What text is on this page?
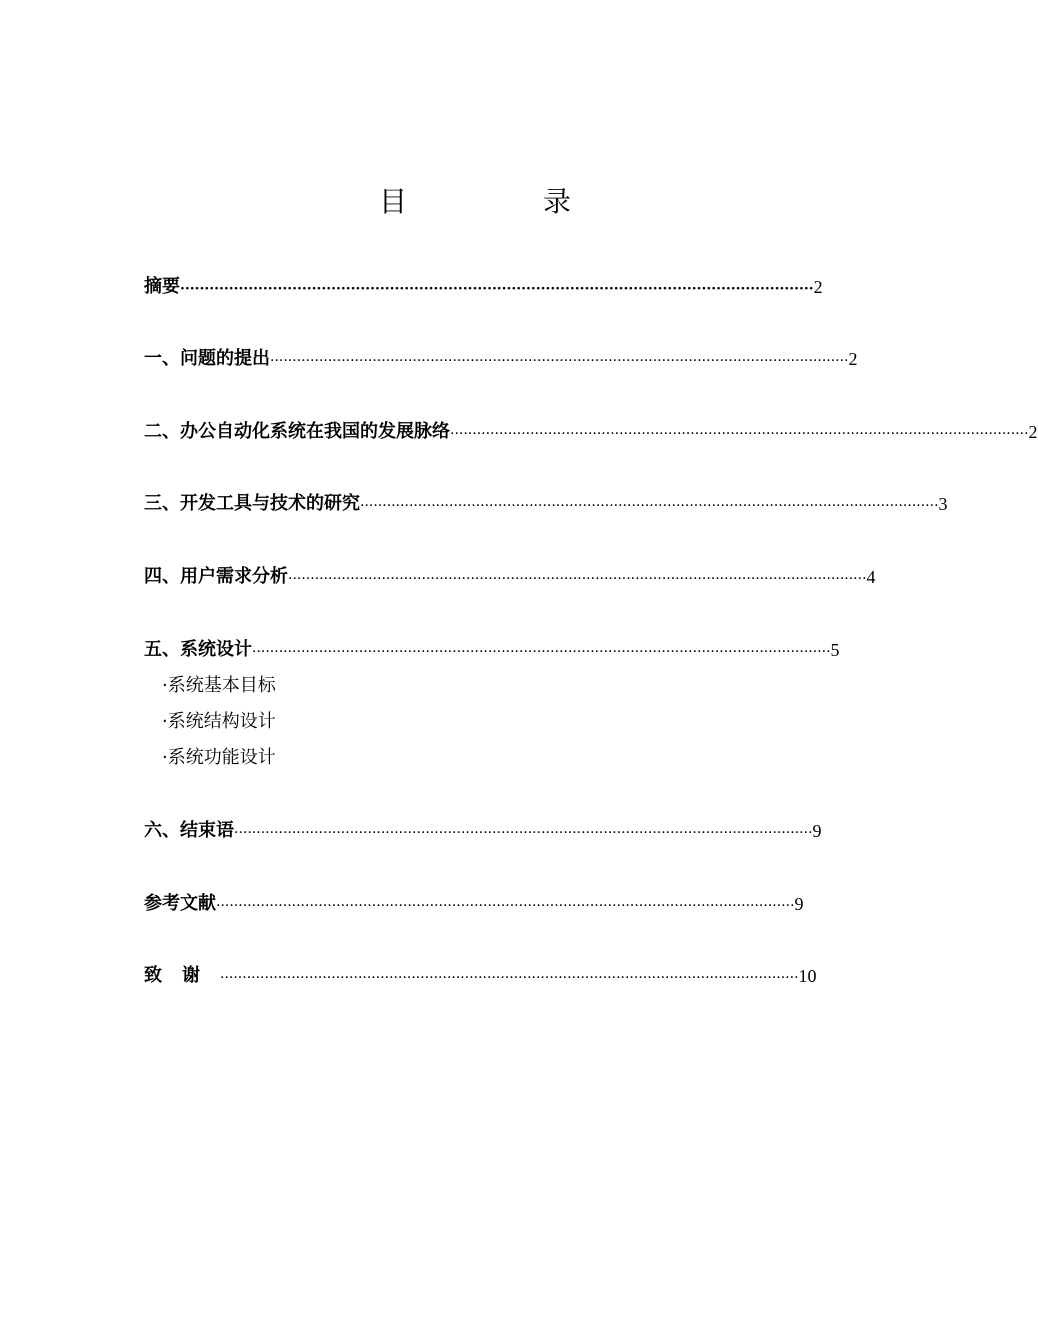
目　录
摘要 ·································································································································· 2
一、问题的提出 ·································································································································· 2
二、办公自动化系统在我国的发展脉络 ·································································································································· 2
三、开发工具与技术的研究 ·································································································································· 3
四、用户需求分析 ·································································································································· 4
五、系统设计 ·································································································································· 5
·系统基本目标
·系统结构设计
·系统功能设计
六、结束语 ·································································································································· 9
参考文献 ·································································································································· 9
致谢 ·································································································································· 10
